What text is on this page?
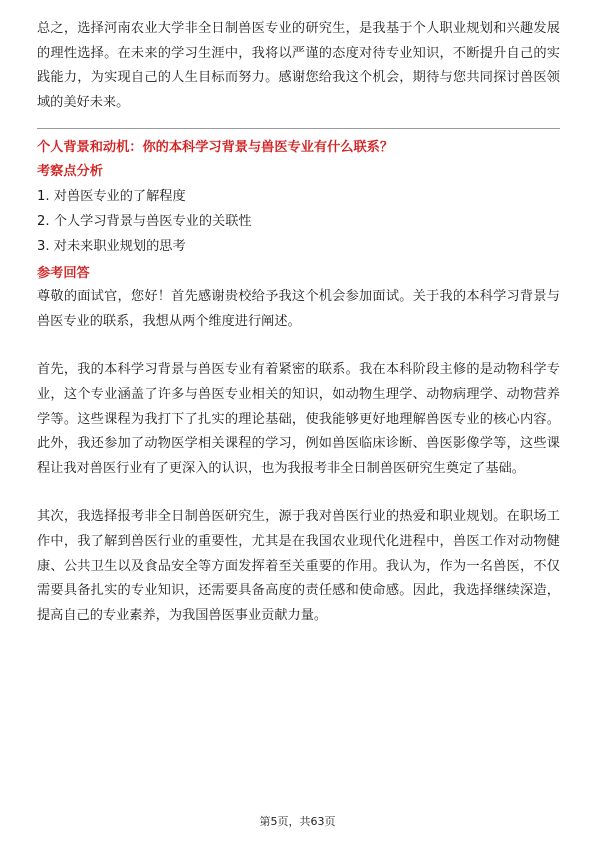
总之，选择河南农业大学非全日制兽医专业的研究生，是我基于个人职业规划和兴趣发展的理性选择。在未来的学习生涯中，我将以严谨的态度对待专业知识，不断提升自己的实践能力，为实现自己的人生目标而努力。感谢您给我这个机会，期待与您共同探讨兽医领域的美好未来。

个人背景和动机：你的本科学习背景与兽医专业有什么联系？

考察点分析

1. 对兽医专业的了解程度

2. 个人学习背景与兽医专业的关联性

3. 对未来职业规划的思考

参考回答

尊敬的面试官，您好！首先感谢贵校给予我这个机会参加面试。关于我的本科学习背景与兽医专业的联系，我想从两个维度进行阐述。

首先，我的本科学习背景与兽医专业有着紧密的联系。我在本科阶段主修的是动物科学专业，这个专业涵盖了许多与兽医专业相关的知识，如动物生理学、动物病理学、动物营养学等。这些课程为我打下了扎实的理论基础，使我能够更好地理解兽医专业的核心内容。此外，我还参加了动物医学相关课程的学习，例如兽医临床诊断、兽医影像学等，这些课程让我对兽医行业有了更深入的认识，也为我报考非全日制兽医研究生奠定了基础。

其次，我选择报考非全日制兽医研究生，源于我对兽医行业的热爱和职业规划。在职场工作中，我了解到兽医行业的重要性，尤其是在我国农业现代化进程中，兽医工作对动物健康、公共卫生以及食品安全等方面发挥着至关重要的作用。我认为，作为一名兽医，不仅需要具备扎实的专业知识，还需要具备高度的责任感和使命感。因此，我选择继续深造，提高自己的专业素养，为我国兽医事业贡献力量。

第5页，共63页
